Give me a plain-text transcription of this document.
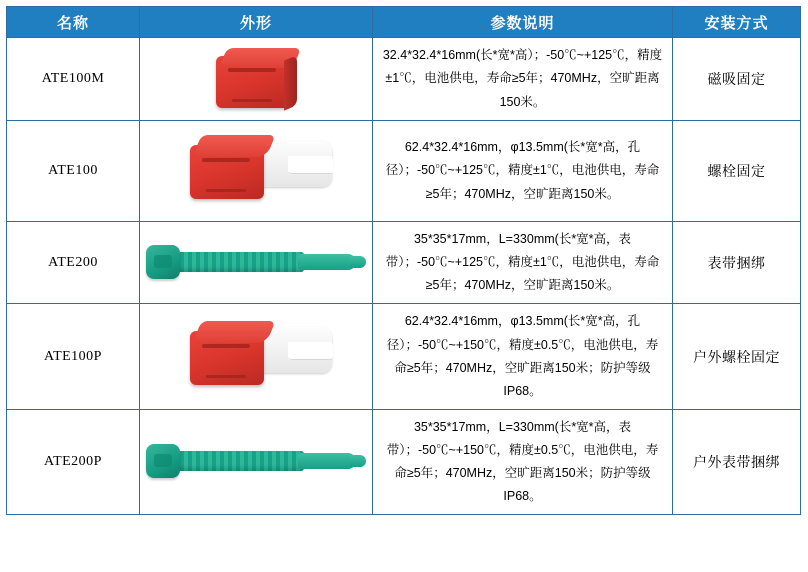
名称	外形	参数说明	安装方式
ATE100M		32.4*32.4*16mm(长*宽*高）；-50℃~+125℃，精度±1℃，电池供电，寿命≥5年；470MHz，空旷距离150米。	磁吸固定
ATE100		62.4*32.4*16mm，φ13.5mm(长*宽*高，孔径）；-50℃~+125℃，精度±1℃，电池供电，寿命≥5年；470MHz，空旷距离150米。	螺栓固定
ATE200		35*35*17mm，L=330mm(长*宽*高，表带）；-50℃~+125℃，精度±1℃，电池供电，寿命≥5年；470MHz，空旷距离150米。	表带捆绑
ATE100P		62.4*32.4*16mm，φ13.5mm(长*宽*高，孔径）；-50℃~+150℃，精度±0.5℃，电池供电，寿命≥5年；470MHz，空旷距离150米；防护等级IP68。	户外螺栓固定
ATE200P		35*35*17mm，L=330mm(长*宽*高，表带）；-50℃~+150℃，精度±0.5℃，电池供电，寿命≥5年；470MHz，空旷距离150米；防护等级IP68。	户外表带捆绑
